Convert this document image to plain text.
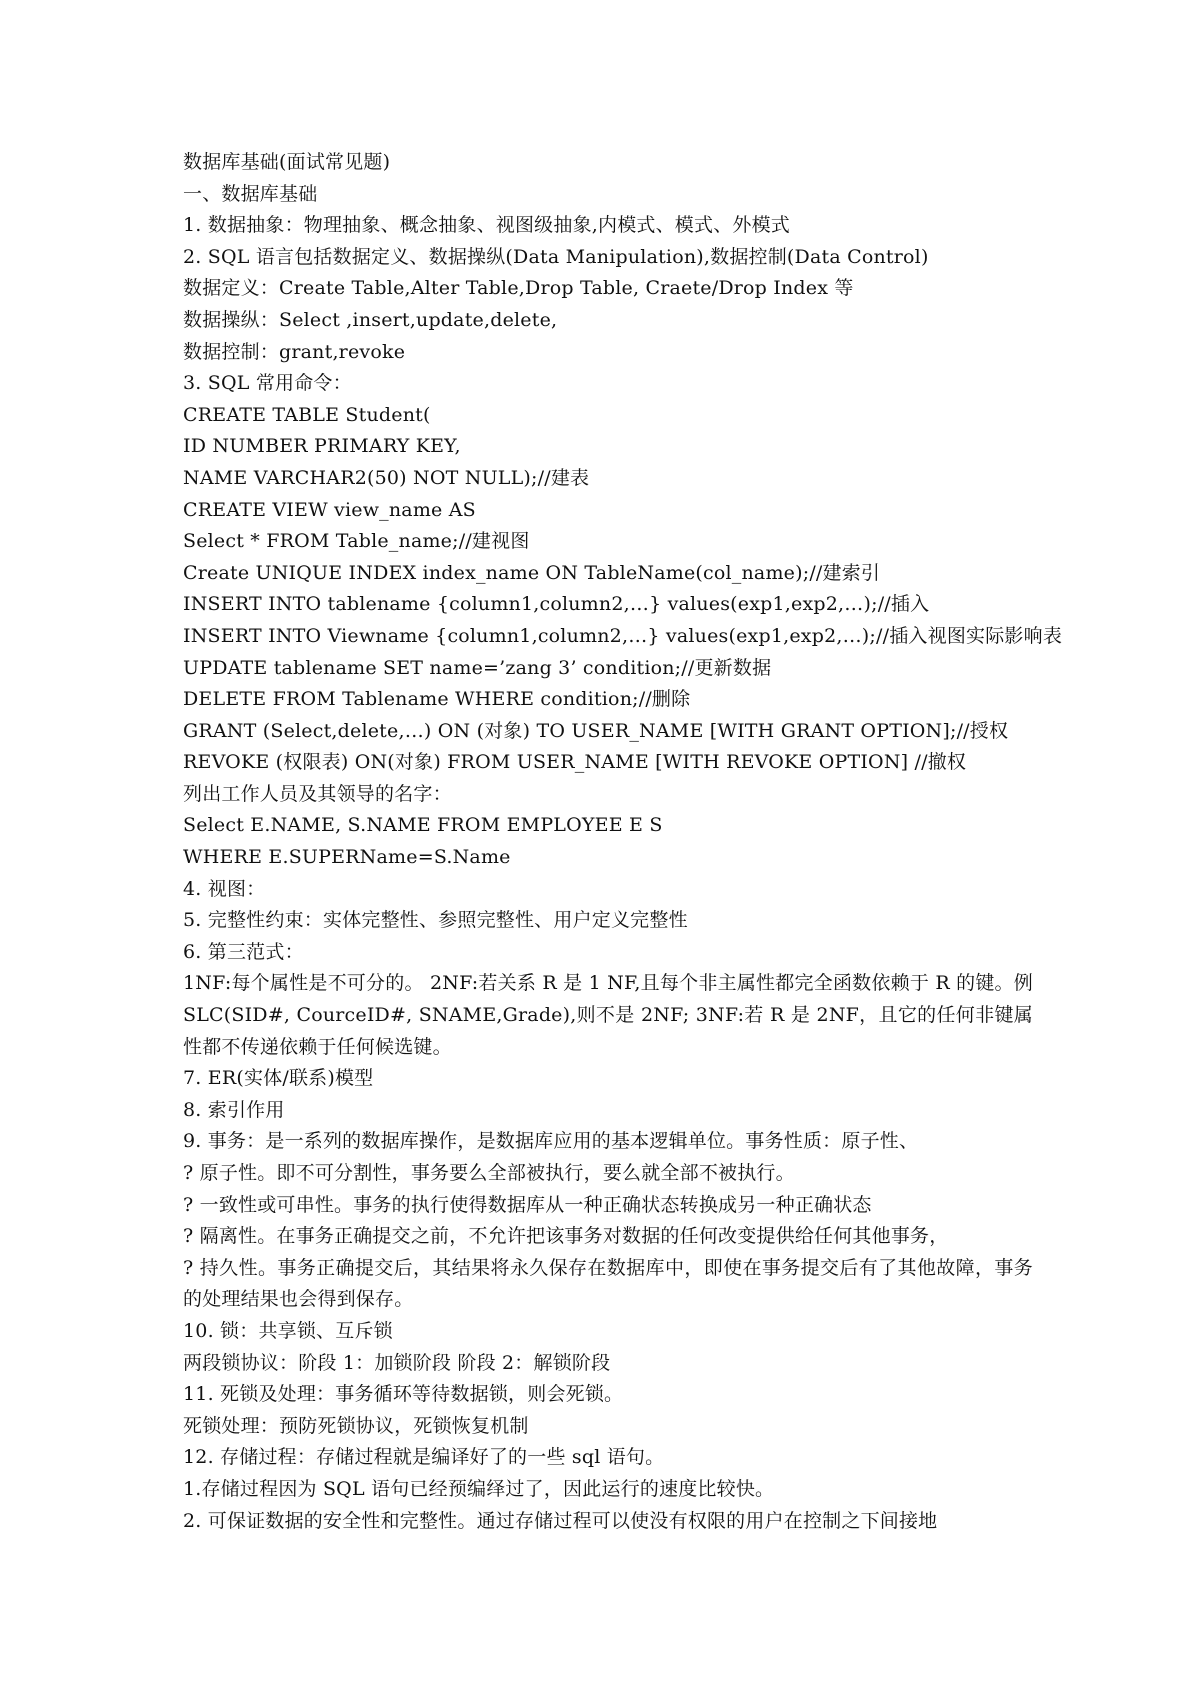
数据库基础(面试常见题)
一、数据库基础
1. 数据抽象：物理抽象、概念抽象、视图级抽象,内模式、模式、外模式
2. SQL 语言包括数据定义、数据操纵(Data Manipulation),数据控制(Data Control)
数据定义：Create Table,Alter Table,Drop Table, Craete/Drop Index 等
数据操纵：Select ,insert,update,delete,
数据控制：grant,revoke
3. SQL 常用命令：
CREATE TABLE Student(
ID NUMBER PRIMARY KEY,
NAME VARCHAR2(50) NOT NULL);//建表
CREATE VIEW view_name AS
Select * FROM Table_name;//建视图
Create UNIQUE INDEX index_name ON TableName(col_name);//建索引
INSERT INTO tablename {column1,column2,…} values(exp1,exp2,…);//插入
INSERT INTO Viewname {column1,column2,…} values(exp1,exp2,…);//插入视图实际影响表
UPDATE tablename SET name=’zang 3’ condition;//更新数据
DELETE FROM Tablename WHERE condition;//删除
GRANT (Select,delete,…) ON (对象) TO USER_NAME [WITH GRANT OPTION];//授权
REVOKE (权限表) ON(对象) FROM USER_NAME [WITH REVOKE OPTION] //撤权
列出工作人员及其领导的名字：
Select E.NAME, S.NAME FROM EMPLOYEE E S
WHERE E.SUPERName=S.Name
4. 视图：
5. 完整性约束：实体完整性、参照完整性、用户定义完整性
6. 第三范式：
1NF:每个属性是不可分的。 2NF:若关系 R 是 1 NF,且每个非主属性都完全函数依赖于 R 的键。例 SLC(SID#, CourceID#, SNAME,Grade),则不是 2NF; 3NF:若 R 是 2NF，且它的任何非键属性都不传递依赖于任何候选键。
7. ER(实体/联系)模型
8. 索引作用
9. 事务：是一系列的数据库操作，是数据库应用的基本逻辑单位。事务性质：原子性、
? 原子性。即不可分割性，事务要么全部被执行，要么就全部不被执行。
? 一致性或可串性。事务的执行使得数据库从一种正确状态转换成另一种正确状态
? 隔离性。在事务正确提交之前，不允许把该事务对数据的任何改变提供给任何其他事务，
? 持久性。事务正确提交后，其结果将永久保存在数据库中，即使在事务提交后有了其他故障，事务的处理结果也会得到保存。
10. 锁：共享锁、互斥锁
两段锁协议：阶段 1：加锁阶段 阶段 2：解锁阶段
11. 死锁及处理：事务循环等待数据锁，则会死锁。
死锁处理：预防死锁协议，死锁恢复机制
12. 存储过程：存储过程就是编译好了的一些 sql 语句。
1.存储过程因为 SQL 语句已经预编绎过了，因此运行的速度比较快。
2. 可保证数据的安全性和完整性。通过存储过程可以使没有权限的用户在控制之下间接地
